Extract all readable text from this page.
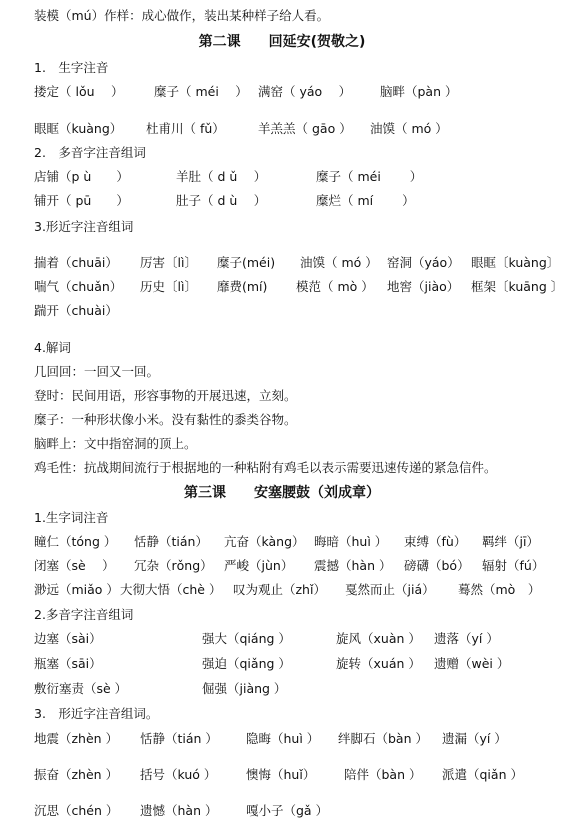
装模（mú）作样：成心做作，装出某种样子给人看。
第二课　　回延安(贺敬之)
1.　生字注音
搂定（ lǒu　 ） 糜子（ méi　 ） 满窑（ yáo　 ） 脑畔（pàn ）
眼眶（kuàng） 杜甫川（ fǔ）	羊羔羔（ gāo ） 油馍（ mó ）
2.　多音字注音组词
店铺（p ù　　）	羊肚（ d ǔ　 ）	糜子（ méi　　 ）
铺开（ pū　　）	肚子（ d ù　 ）	糜烂（ mí　　 ）
3.形近字注音组词
揣着（chuāi） 厉害〔lì〕 糜子(méi) 油馍（ mó ） 窑洞（yáo） 眼眶〔kuàng〕
喘气（chuǎn） 历史〔lì〕 靡费(mí) 模范（ mò ） 地窖（jiào） 框架〔kuāng 〕
踹开（chuài）
4.解词
几回回：一回又一回。
登时：民间用语，形容事物的开展迅速，立刻。
糜子：一种形状像小米。没有黏性的黍类谷物。
脑畔上：文中指窑洞的顶上。
鸡毛性：抗战期间流行于根据地的一种粘附有鸡毛以表示需要迅速传递的紧急信件。
第三课　　安塞腰鼓（刘成章）
1.生字词注音
瞳仁（tóng ） 恬静（tián） 亢奋（kàng） 晦暗（huì ） 束缚（fù） 羁绊（jī）
闭塞（sè　 ） 冗杂（rǒng） 严峻（jùn） 震撼（hàn ） 磅礴（bó） 辐射（fú）
渺远（miǎo ） 大彻大悟（chè ） 叹为观止（zhǐ） 戛然而止（jiá） 蓦然（mò　）
2.多音字注音组词
边塞（sài）	强大（qiáng ）	旋风（xuàn ） 遗落（yí ）
瓶塞（sāi）	强迫（qiǎng ）	旋转（xuán ） 遗赠（wèi ）
敷衍塞责（sè ）	倔强（jiàng ）
3.　形近字注音组词。
地震（zhèn ） 恬静（tián ） 隐晦（huì ） 绊脚石（bàn ） 遗漏（yí ）
振奋（zhèn ） 括号（kuó ） 懊悔（huǐ） 陪伴（bàn ） 派遣（qiǎn ）
沉思（chén ） 遗憾（hàn ） 嘎小子（gǎ ）
